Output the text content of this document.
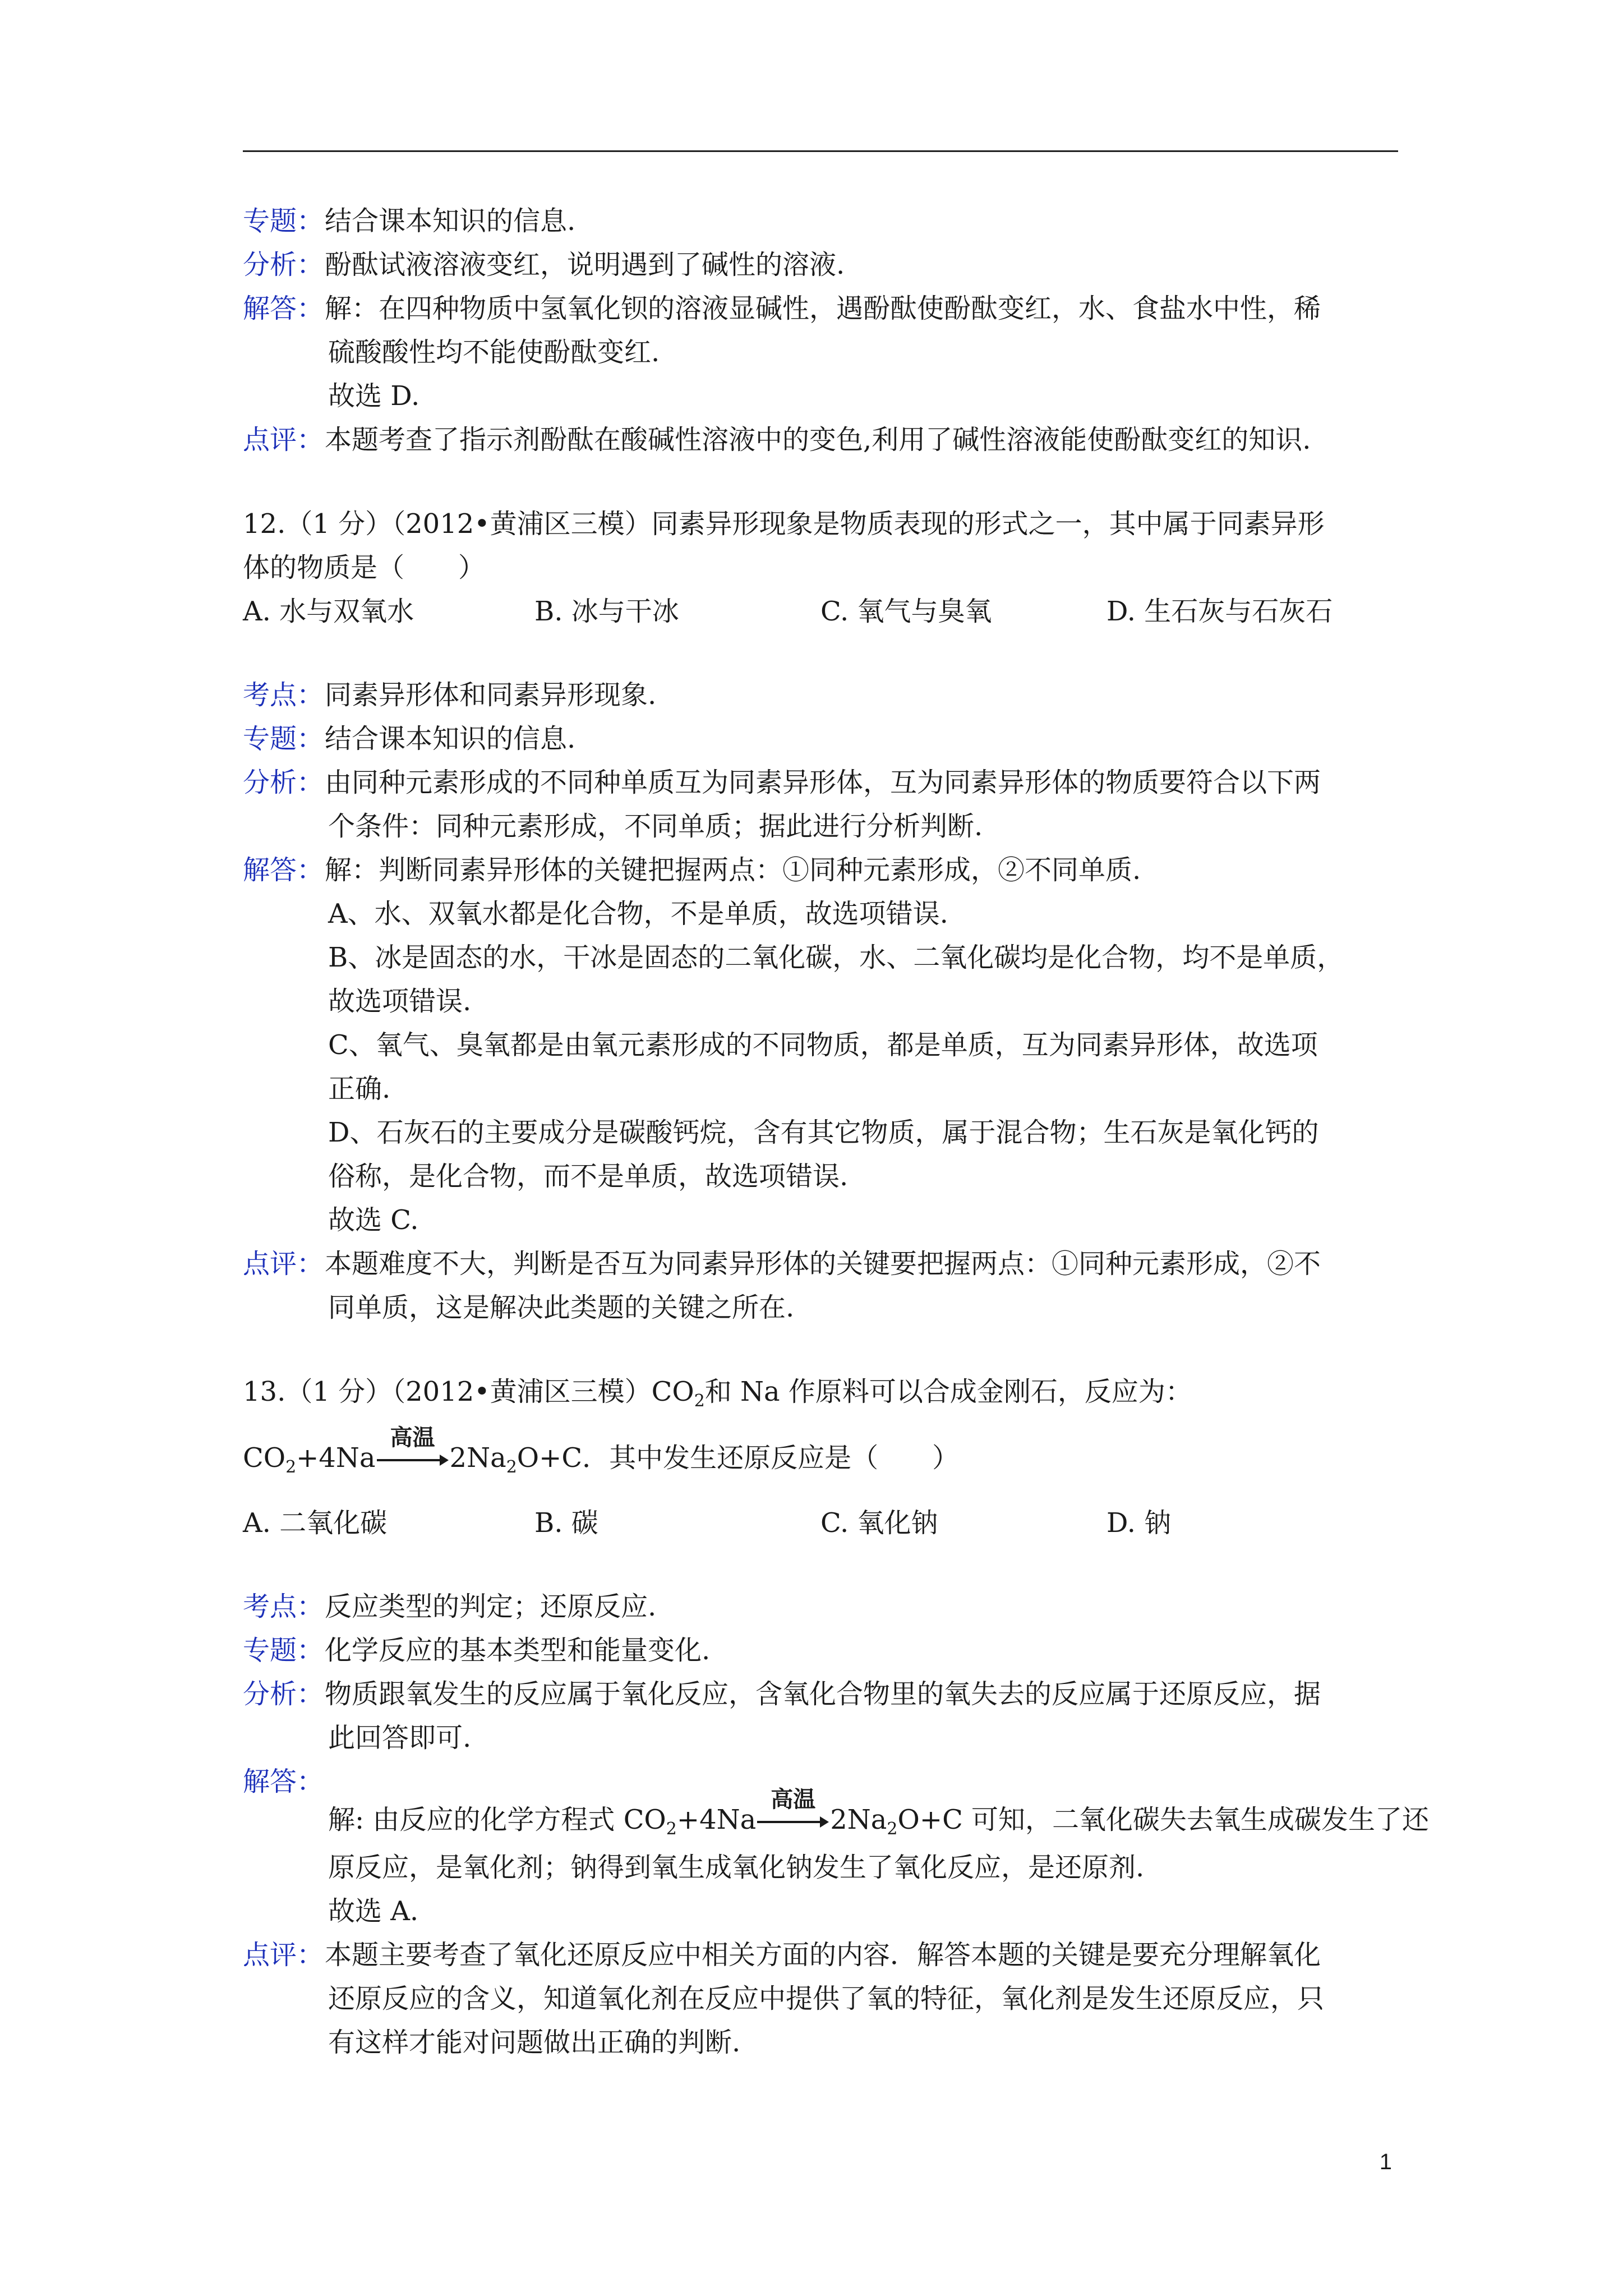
专题：结合课本知识的信息.
分析：酚酞试液溶液变红，说明遇到了碱性的溶液.
解答：解：在四种物质中氢氧化钡的溶液显碱性，遇酚酞使酚酞变红，水、食盐水中性，稀
硫酸酸性均不能使酚酞变红.
故选 D.
点评：本题考查了指示剂酚酞在酸碱性溶液中的变色,利用了碱性溶液能使酚酞变红的知识.
12.（1 分）（2012•黄浦区三模）同素异形现象是物质表现的形式之一，其中属于同素异形
体的物质是（　　）
A. 水与双氧水	B. 冰与干冰	C. 氧气与臭氧	D. 生石灰与石灰石
考点：同素异形体和同素异形现象.
专题：结合课本知识的信息.
分析：由同种元素形成的不同种单质互为同素异形体，互为同素异形体的物质要符合以下两
个条件：同种元素形成，不同单质；据此进行分析判断.
解答：解：判断同素异形体的关键把握两点：①同种元素形成，②不同单质.
A、水、双氧水都是化合物，不是单质，故选项错误.
B、冰是固态的水，干冰是固态的二氧化碳，水、二氧化碳均是化合物，均不是单质，
故选项错误.
C、氧气、臭氧都是由氧元素形成的不同物质，都是单质，互为同素异形体，故选项
正确.
D、石灰石的主要成分是碳酸钙烷，含有其它物质，属于混合物；生石灰是氧化钙的
俗称，是化合物，而不是单质，故选项错误.
故选 C.
点评：本题难度不大，判断是否互为同素异形体的关键要把握两点：①同种元素形成，②不
同单质，这是解决此类题的关键之所在.
13.（1 分）（2012•黄浦区三模）$CO_2$和 Na 作原料可以合成金刚石，反应为：
$CO_2+4Na$
高温
$2Na_2O+C$．其中发生还原反应是（　　）
A. 二氧化碳	B. 碳	C. 氧化钠	D. 钠
考点：反应类型的判定；还原反应.
专题：化学反应的基本类型和能量变化.
分析：物质跟氧发生的反应属于氧化反应，含氧化合物里的氧失去的反应属于还原反应，据
此回答即可.
解答：
解: 由反应的化学方程式 $CO_2+4Na$
高温
$2Na_2O+C$ 可知，二氧化碳失去氧生成碳发生了还
原反应，是氧化剂；钠得到氧生成氧化钠发生了氧化反应，是还原剂.
故选 A.
点评：本题主要考查了氧化还原反应中相关方面的内容．解答本题的关键是要充分理解氧化
还原反应的含义，知道氧化剂在反应中提供了氧的特征，氧化剂是发生还原反应，只
有这样才能对问题做出正确的判断.
1
